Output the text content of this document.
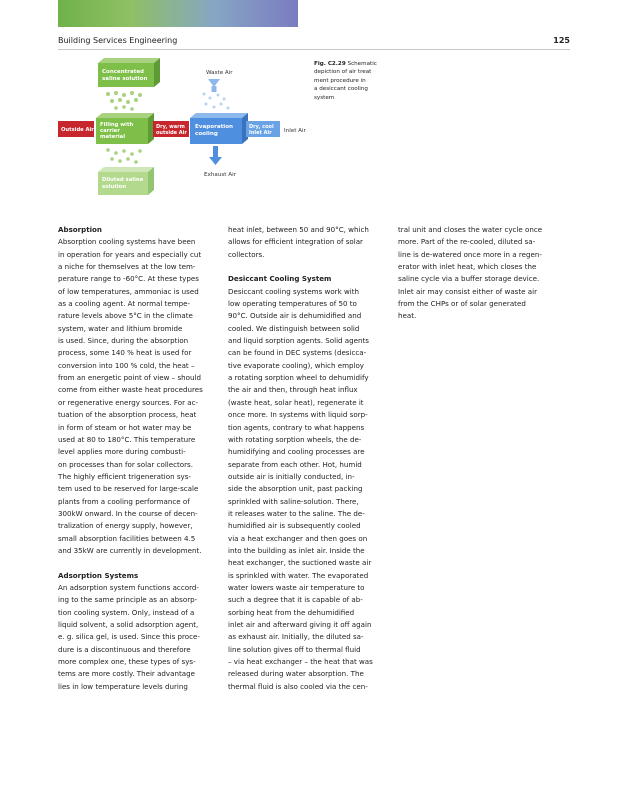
Building Services Engineering	125
Concentrated
saline solution
Outside Air
Filling with
carrier
material
Dry, warm
outside Air
Evaporation
cooling
Dry, cool
Inlet Air Inlet Air
Waste Air
Exhaust Air
Diluted saline
solution
Fig. C2.29 Schematic
depiction of air treat
ment procedure in
a desiccant cooling
system

Absorption

Absorption cooling systems have been

in operation for years and especially cut

a niche for themselves at the low tem-

perature range to -60°C. At these types

of low temperatures, ammoniac is used

as a cooling agent. At normal tempe-

rature levels above 5°C in the climate

system, water and lithium bromide

is used. Since, during the absorption

process, some 140 % heat is used for

conversion into 100 % cold, the heat –

from an energetic point of view – should

come from either waste heat procedures

or regenerative energy sources. For ac-

tuation of the absorption process, heat

in form of steam or hot water may be

used at 80 to 180°C. This temperature

level applies more during combusti-

on processes than for solar collectors.

The highly efficient trigeneration sys-

tem used to be reserved for large-scale

plants from a cooling performance of

300kW onward. In the course of decen-

tralization of energy supply, however,

small absorption facilities between 4.5

and 35kW are currently in development.

Adsorption Systems

An adsorption system functions accord-

ing to the same principle as an absorp-

tion cooling system. Only, instead of a

liquid solvent, a solid adsorption agent,

e. g. silica gel, is used. Since this proce-

dure is a discontinuous and therefore

more complex one, these types of sys-

tems are more costly. Their advantage

lies in low temperature levels during

heat inlet, between 50 and 90°C, which

allows for efficient integration of solar

collectors.

Desiccant Cooling System

Desiccant cooling systems work with

low operating temperatures of 50 to

90°C. Outside air is dehumidified and

cooled. We distinguish between solid

and liquid sorption agents. Solid agents

can be found in DEC systems (desicca-

tive evaporate cooling), which employ

a rotating sorption wheel to dehumidify

the air and then, through heat influx

(waste heat, solar heat), regenerate it

once more. In systems with liquid sorp-

tion agents, contrary to what happens

with rotating sorption wheels, the de-

humidifying and cooling processes are

separate from each other. Hot, humid

outside air is initially conducted, in-

side the absorption unit, past packing

sprinkled with saline-solution. There,

it releases water to the saline. The de-

humidified air is subsequently cooled

via a heat exchanger and then goes on

into the building as inlet air. Inside the

heat exchanger, the suctioned waste air

is sprinkled with water. The evaporated

water lowers waste air temperature to

such a degree that it is capable of ab-

sorbing heat from the dehumidified

inlet air and afterward giving it off again

as exhaust air. Initially, the diluted sa-

line solution gives off to thermal fluid

– via heat exchanger – the heat that was

released during water absorption. The

thermal fluid is also cooled via the cen-

tral unit and closes the water cycle once

more. Part of the re-cooled, diluted sa-

line is de-watered once more in a regen-

erator with inlet heat, which closes the

saline cycle via a buffer storage device.

Inlet air may consist either of waste air

from the CHPs or of solar generated

heat.
